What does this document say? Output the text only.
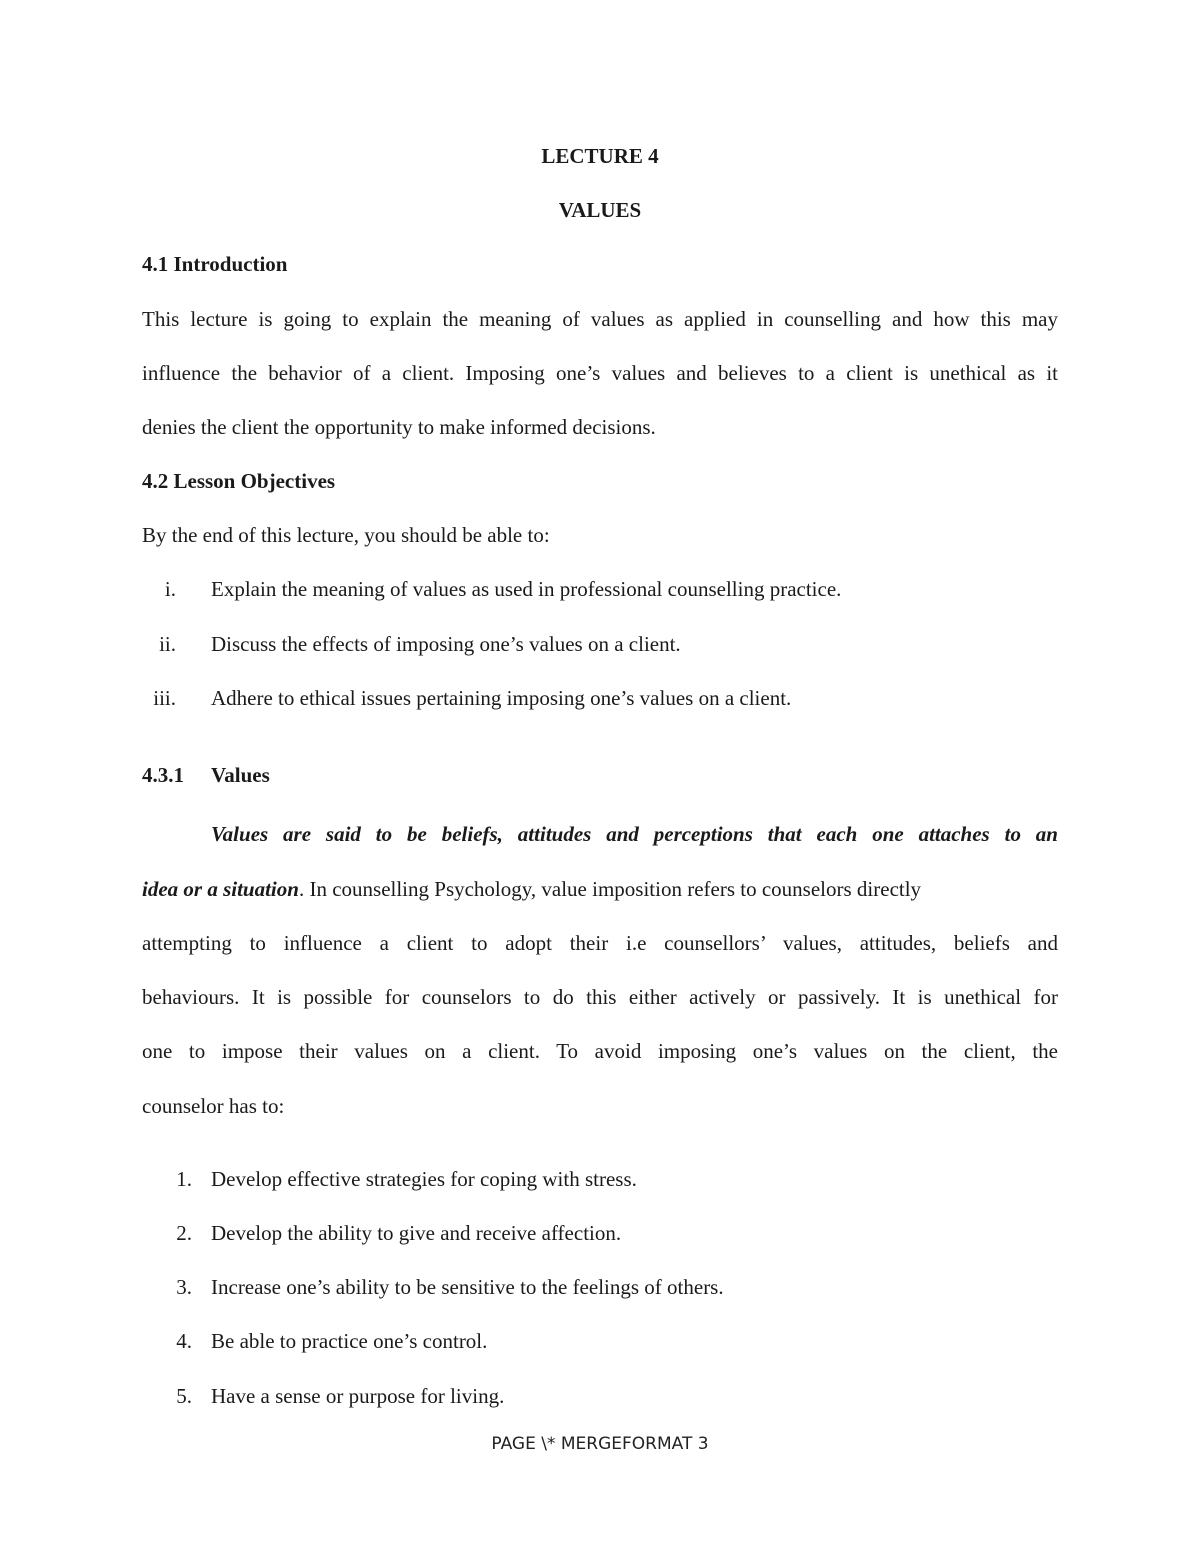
LECTURE 4
VALUES
4.1 Introduction
This lecture is going to explain the meaning of values as applied in counselling and how this may
influence the behavior of a client. Imposing one’s values and believes to a client is unethical as it
denies the client the opportunity to make informed decisions.
4.2 Lesson Objectives
By the end of this lecture, you should be able to:
i. Explain the meaning of values as used in professional counselling practice.
ii. Discuss the effects of imposing one’s values on a client.
iii. Adhere to ethical issues pertaining imposing one’s values on a client.
4.3.1 Values
Values are said to be beliefs, attitudes and perceptions that each one attaches to an
idea or a situation. In counselling Psychology, value imposition refers to counselors directly
attempting to influence a client to adopt their i.e counsellors’ values, attitudes, beliefs and
behaviours. It is possible for counselors to do this either actively or passively. It is unethical for
one to impose their values on a client. To avoid imposing one’s values on the client, the
counselor has to:
1. Develop effective strategies for coping with stress.
2. Develop the ability to give and receive affection.
3. Increase one’s ability to be sensitive to the feelings of others.
4. Be able to practice one’s control.
5. Have a sense or purpose for living.
PAGE \* MERGEFORMAT 3
